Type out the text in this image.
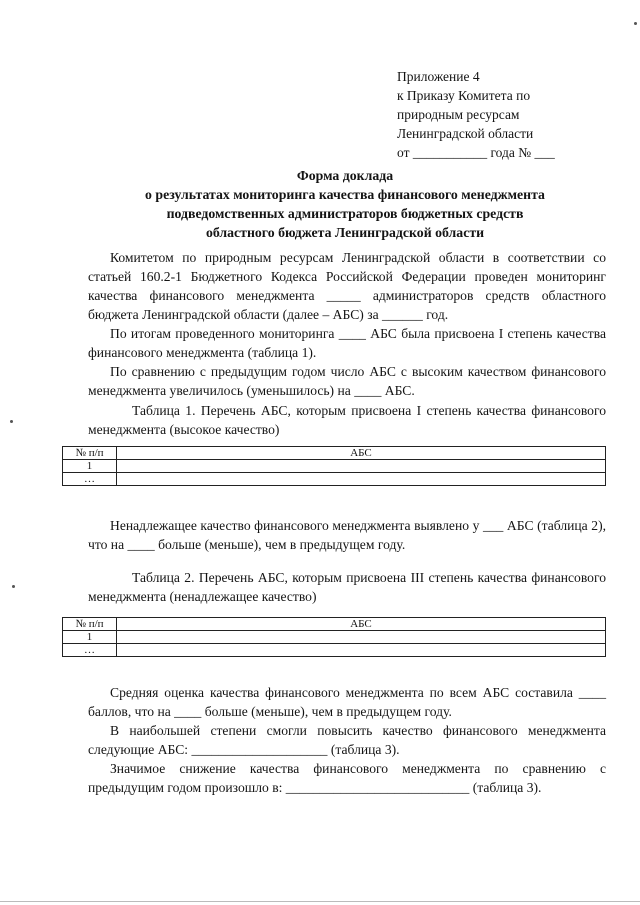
Приложение 4
к Приказу Комитета по
природным ресурсам
Ленинградской области
от ___________ года № ___
Форма доклада
о результатах мониторинга качества финансового менеджмента
подведомственных администраторов бюджетных средств
областного бюджета Ленинградской области

Комитетом по природным ресурсам Ленинградской области в соответствии со статьей 160.2-1 Бюджетного Кодекса Российской Федерации проведен мониторинг качества финансового менеджмента _____ администраторов средств областного бюджета Ленинградской области (далее – АБС) за ______ год.

По итогам проведенного мониторинга ____ АБС была присвоена I степень качества финансового менеджмента (таблица 1).

По сравнению с предыдущим годом число АБС с высоким качеством финансового менеджмента увеличилось (уменьшилось) на ____ АБС.

Таблица 1. Перечень АБС, которым присвоена I степень качества финансового менеджмента (высокое качество)

№ п/п	АБС
1	
…	

Ненадлежащее качество финансового менеджмента выявлено у ___ АБС (таблица 2), что на ____ больше (меньше), чем в предыдущем году.

Таблица 2. Перечень АБС, которым присвоена III степень качества финансового менеджмента (ненадлежащее качество)

№ п/п	АБС
1	
…	

Средняя оценка качества финансового менеджмента по всем АБС составила ____ баллов, что на ____ больше (меньше), чем в предыдущем году.

В наибольшей степени смогли повысить качество финансового менеджмента следующие АБС: ____________________ (таблица 3).

Значимое снижение качества финансового менеджмента по сравнению с предыдущим годом произошло в: ___________________________ (таблица 3).
